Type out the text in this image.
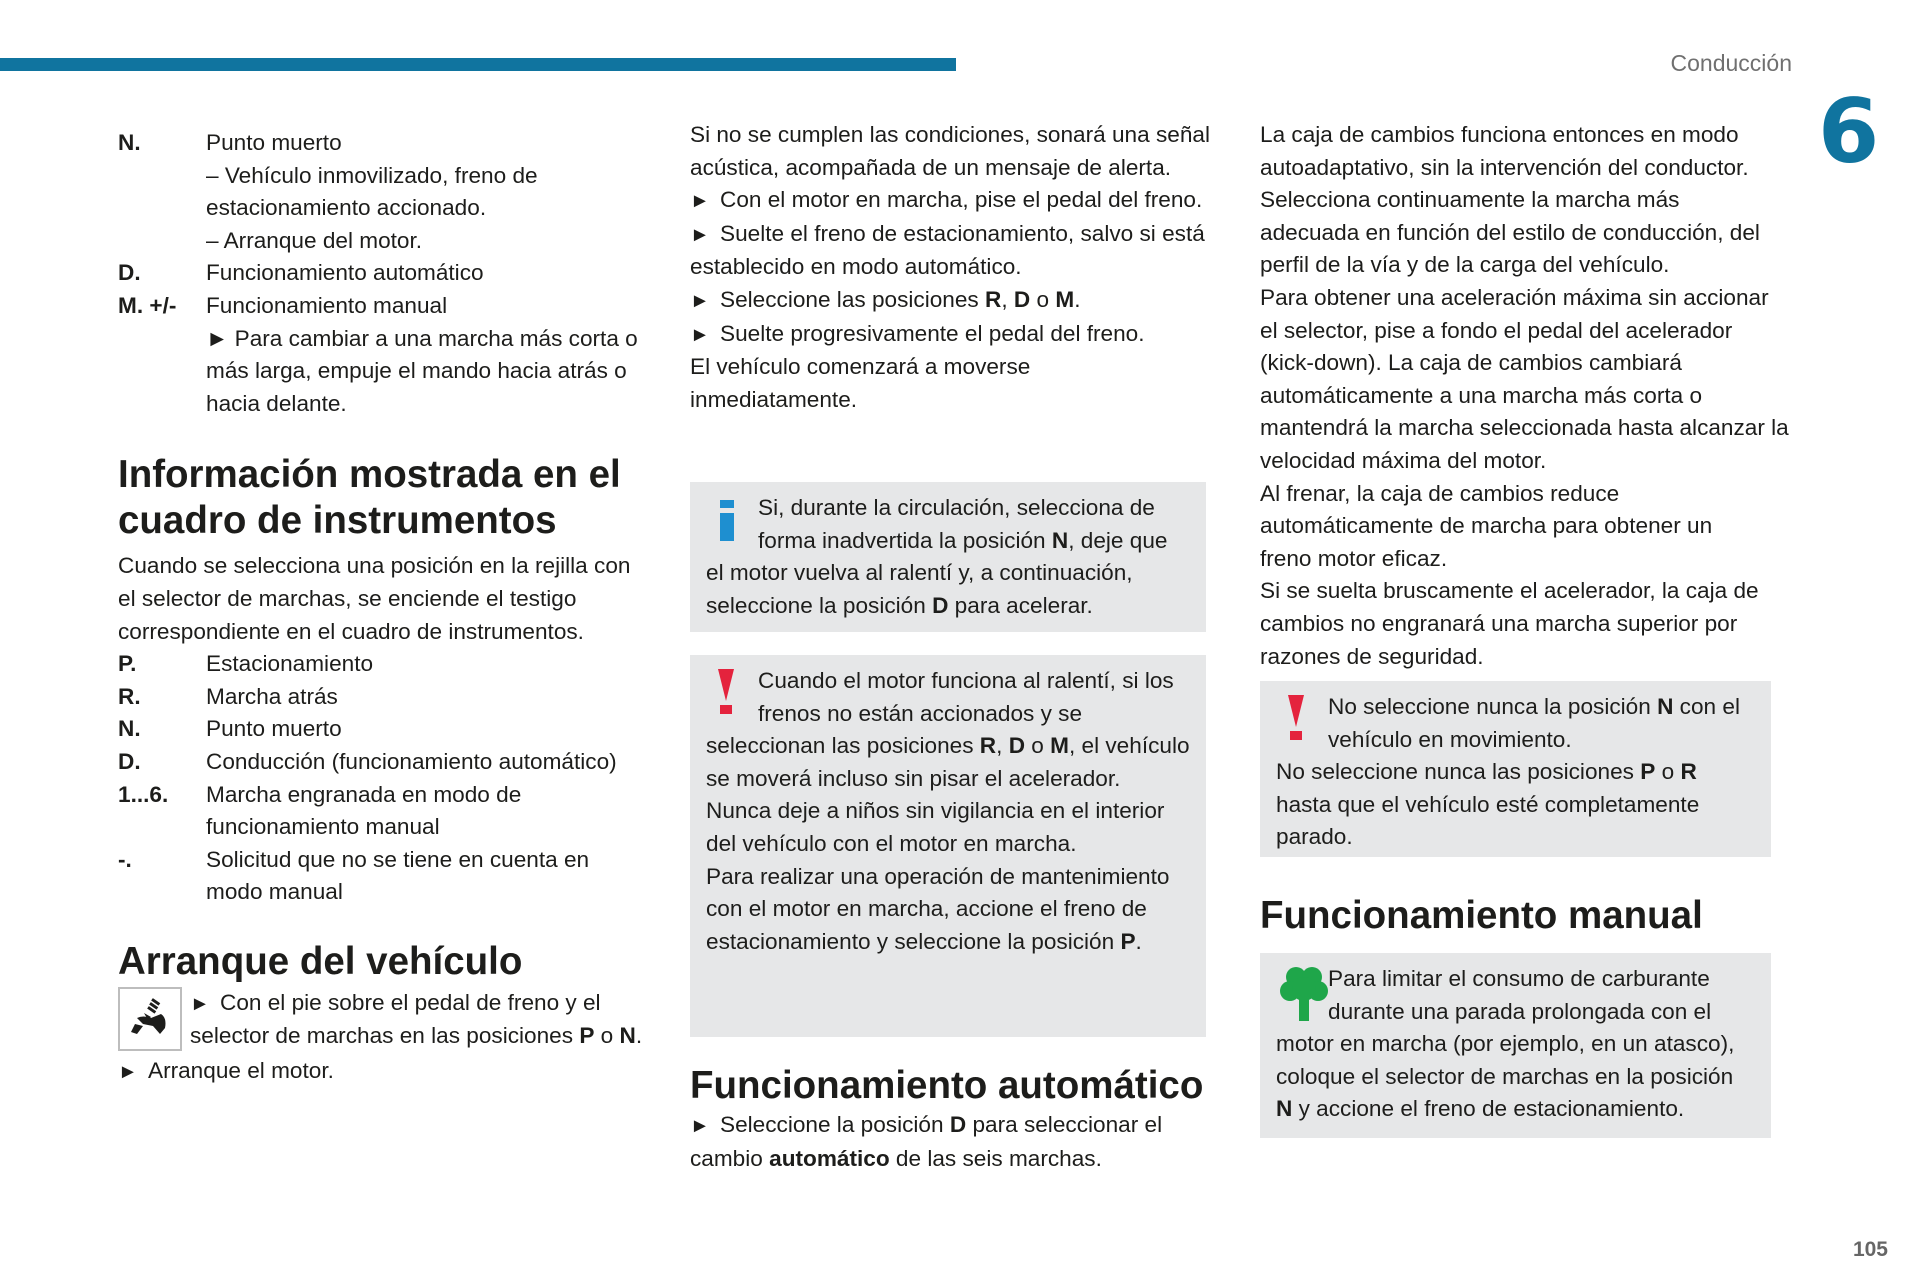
Conducción
6
N.	Punto muerto

– Vehículo inmovilizado, freno de estacionamiento accionado.

– Arranque del motor.

D.	Funcionamiento automático
M. +/-	Funcionamiento manual

► Para cambiar a una marcha más corta o más larga, empuje el mando hacia atrás o hacia delante.

Información mostrada en el cuadro de instrumentos

Cuando se selecciona una posición en la rejilla con el selector de marchas, se enciende el testigo correspondiente en el cuadro de instrumentos.

P.	Estacionamiento
R.	Marcha atrás
N.	Punto muerto
D.	Conducción (funcionamiento automático)
1...6.	Marcha engranada en modo de funcionamiento manual
-.	Solicitud que no se tiene en cuenta en modo manual
Arranque del vehículo
► Con el pie sobre el pedal de freno y el selector de marchas en las posiciones P o N.

► Arranque el motor.

Si no se cumplen las condiciones, sonará una señal acústica, acompañada de un mensaje de alerta.

► Con el motor en marcha, pise el pedal del freno.

► Suelte el freno de estacionamiento, salvo si está establecido en modo automático.

► Seleccione las posiciones R, D o M.

► Suelte progresivamente el pedal del freno.

El vehículo comenzará a moverse inmediatamente.

Si, durante la circulación, selecciona de forma inadvertida la posición N, deje que el motor vuelva al ralentí y, a continuación, seleccione la posición D para acelerar.

Cuando el motor funciona al ralentí, si los frenos no están accionados y se seleccionan las posiciones R, D o M, el vehículo se moverá incluso sin pisar el acelerador.

Nunca deje a niños sin vigilancia en el interior del vehículo con el motor en marcha.

Para realizar una operación de mantenimiento con el motor en marcha, accione el freno de estacionamiento y seleccione la posición P.

Funcionamiento automático

► Seleccione la posición D para seleccionar el cambio automático de las seis marchas.

La caja de cambios funciona entonces en modo autoadaptativo, sin la intervención del conductor.

Selecciona continuamente la marcha más adecuada en función del estilo de conducción, del perfil de la vía y de la carga del vehículo.

Para obtener una aceleración máxima sin accionar el selector, pise a fondo el pedal del acelerador (kick-down). La caja de cambios cambiará automáticamente a una marcha más corta o mantendrá la marcha seleccionada hasta alcanzar la velocidad máxima del motor.

Al frenar, la caja de cambios reduce automáticamente de marcha para obtener un freno motor eficaz.

Si se suelta bruscamente el acelerador, la caja de cambios no engranará una marcha superior por razones de seguridad.

No seleccione nunca la posición N con el vehículo en movimiento.

No seleccione nunca las posiciones P o R hasta que el vehículo esté completamente parado.

Funcionamiento manual
Para limitar el consumo de carburante durante una parada prolongada con el motor en marcha (por ejemplo, en un atasco), coloque el selector de marchas en la posición N y accione el freno de estacionamiento.
105
